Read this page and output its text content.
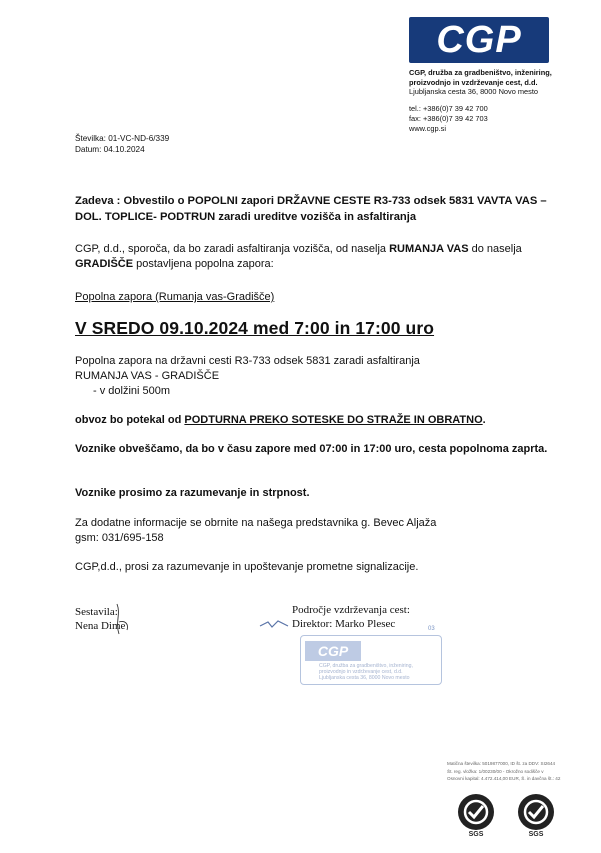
CGP
CGP, družba za gradbeništvo, inženiring, proizvodnjo in vzdrževanje cest, d.d.
Ljubljanska cesta 36, 8000 Novo mesto
tel.: +386(0)7 39 42 700
fax: +386(0)7 39 42 703
www.cgp.si
Številka: 01-VC-ND-6/339
Datum: 04.10.2024
Zadeva : Obvestilo o POPOLNI zapori DRŽAVNE CESTE R3-733 odsek 5831 VAVTA VAS – DOL. TOPLICE- PODTRUN zaradi ureditve vozišča in asfaltiranja
CGP, d.d., sporoča, da bo zaradi asfaltiranja vozišča, od naselja RUMANJA VAS do naselja GRADIŠČE postavljena popolna zapora:
Popolna zapora (Rumanja vas-Gradišče)
V SREDO 09.10.2024 med 7:00 in 17:00 uro
Popolna zapora na državni cesti R3-733 odsek 5831 zaradi asfaltiranja
RUMANJA VAS - GRADIŠČE
- v dolžini 500m
obvoz bo potekal od PODTURNA PREKO SOTESKE DO STRAŽE IN OBRATNO.
Voznike obveščamo, da bo v času zapore med 07:00 in 17:00 uro, cesta popolnoma zaprta.
Voznike prosimo za razumevanje in strpnost.
Za dodatne informacije se obrnite na našega predstavnika g. Bevec Aljaža
gsm: 031/695-158
CGP,d.d., prosi za razumevanje in upoštevanje prometne signalizacije.
Sestavila:
Nena Dime
Področje vzdrževanja cest:
Direktor: Marko Plesec
CGP
CGP, družba za gradbeništvo, inženiring,
proizvodnjo in vzdrževanje cest, d.d.
Ljubljanska cesta 36, 8000 Novo mesto
03
Matična številka: 5019877000, ID št. za DDV: SI2644
Št. reg. vložka: 1/00230/00 - Okrožno sodišče v
Osnovni kapital: 4.472.414,00 EUR, Š. in davčna št.: 42
SGS	SGS
